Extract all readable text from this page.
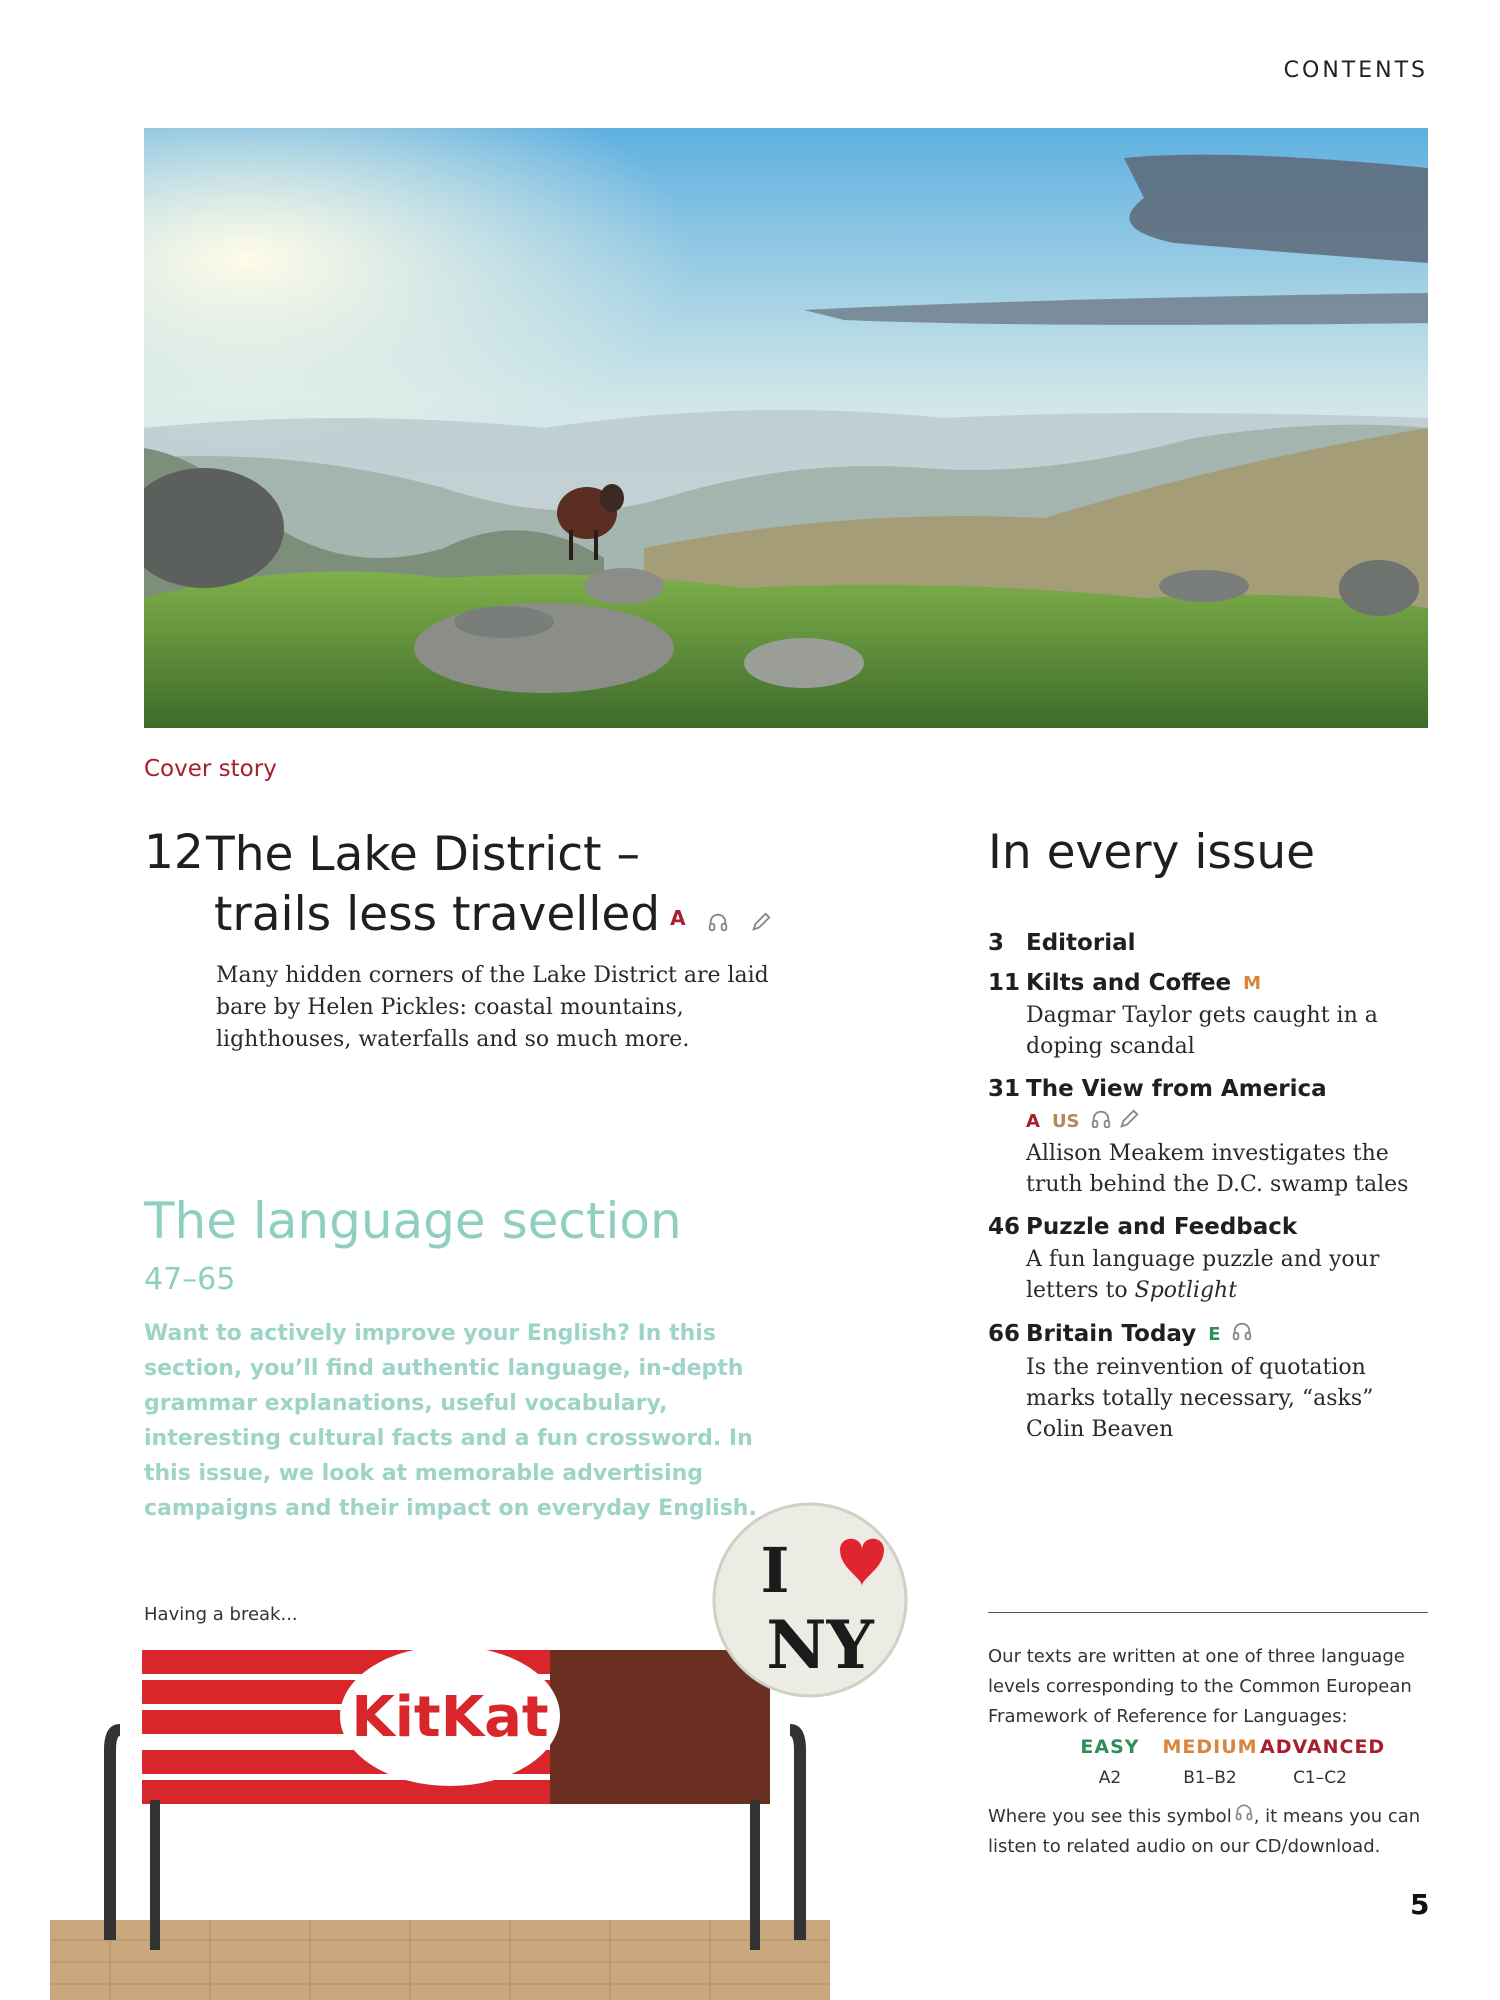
CONTENTS
Cover story
12 The Lake District –
trails less travelled A
Many hidden corners of the Lake District are laid bare by Helen Pickles: coastal mountains, lighthouses, waterfalls and so much more.
The language section
47–65
Want to actively improve your English? In this section, you’ll find authentic language, in-depth grammar explanations, useful vocabulary, interesting cultural facts and a fun crossword. In this issue, we look at memorable advertising campaigns and their impact on everyday English.
KitKat
I
NY
Having a break...
In every issue
3 Editorial
11 Kilts and Coffee M
Dagmar Taylor gets caught in a doping scandal
31 The View from America
A US
Allison Meakem investigates the truth behind the D.C. swamp tales
46 Puzzle and Feedback
A fun language puzzle and your letters to Spotlight
66 Britain Today E
Is the reinvention of quotation marks totally necessary, “asks” Colin Beaven
Our texts are written at one of three language levels corresponding to the Common European Framework of Reference for Languages:
EASY	MEDIUM ADVANCED
A2	B1–B2	C1–C2
Where you see this symbol , it means you can listen to related audio on our CD/download.
5
